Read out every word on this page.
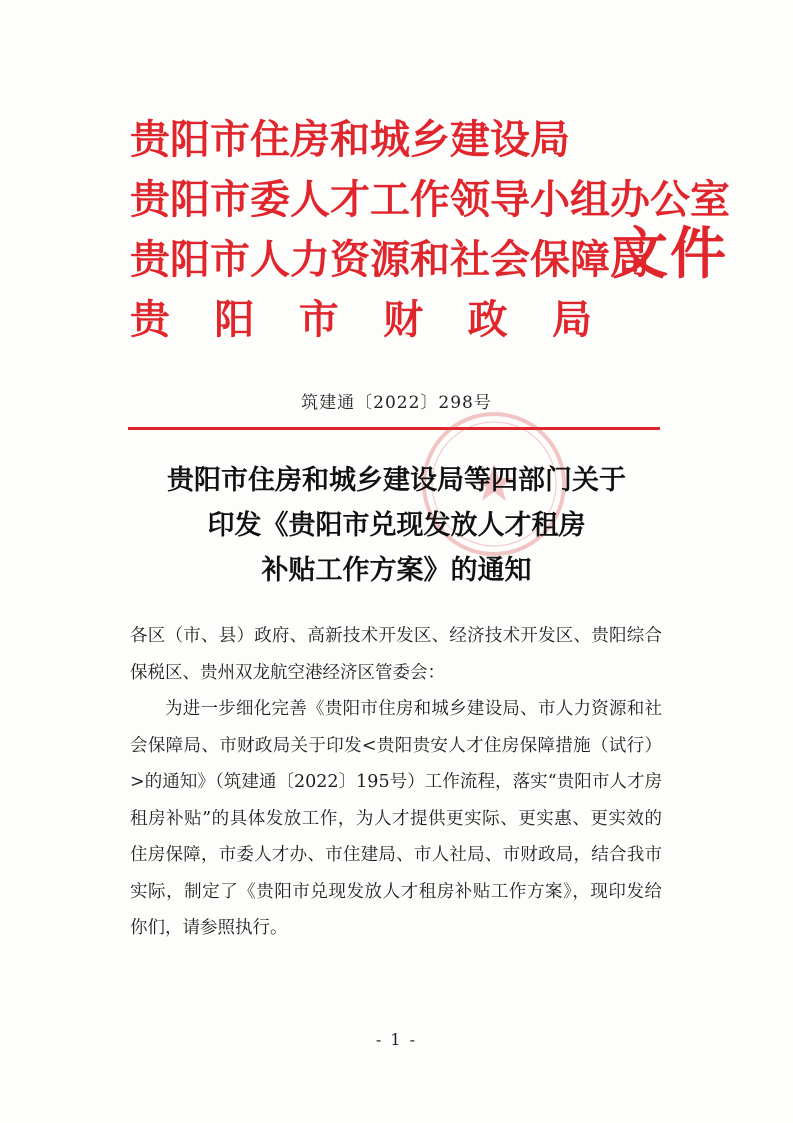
贵阳市住房和城乡建设局
贵阳市委人才工作领导小组办公室
贵阳市人力资源和社会保障局
贵 阳 市 财 政 局
文件
筑建通〔2022〕298号
贵阳市住房和城乡建设局等四部门关于
印发《贵阳市兑现发放人才租房
补贴工作方案》的通知

各区（市、县）政府、高新技术开发区、经济技术开发区、贵阳综合保税区、贵州双龙航空港经济区管委会：

为进一步细化完善《贵阳市住房和城乡建设局、市人力资源和社会保障局、市财政局关于印发<贵阳贵安人才住房保障措施（试行）>的通知》（筑建通〔2022〕195号）工作流程，落实“贵阳市人才房租房补贴”的具体发放工作，为人才提供更实际、更实惠、更实效的住房保障，市委人才办、市住建局、市人社局、市财政局，结合我市实际，制定了《贵阳市兑现发放人才租房补贴工作方案》，现印发给你们，请参照执行。

- 1 -
